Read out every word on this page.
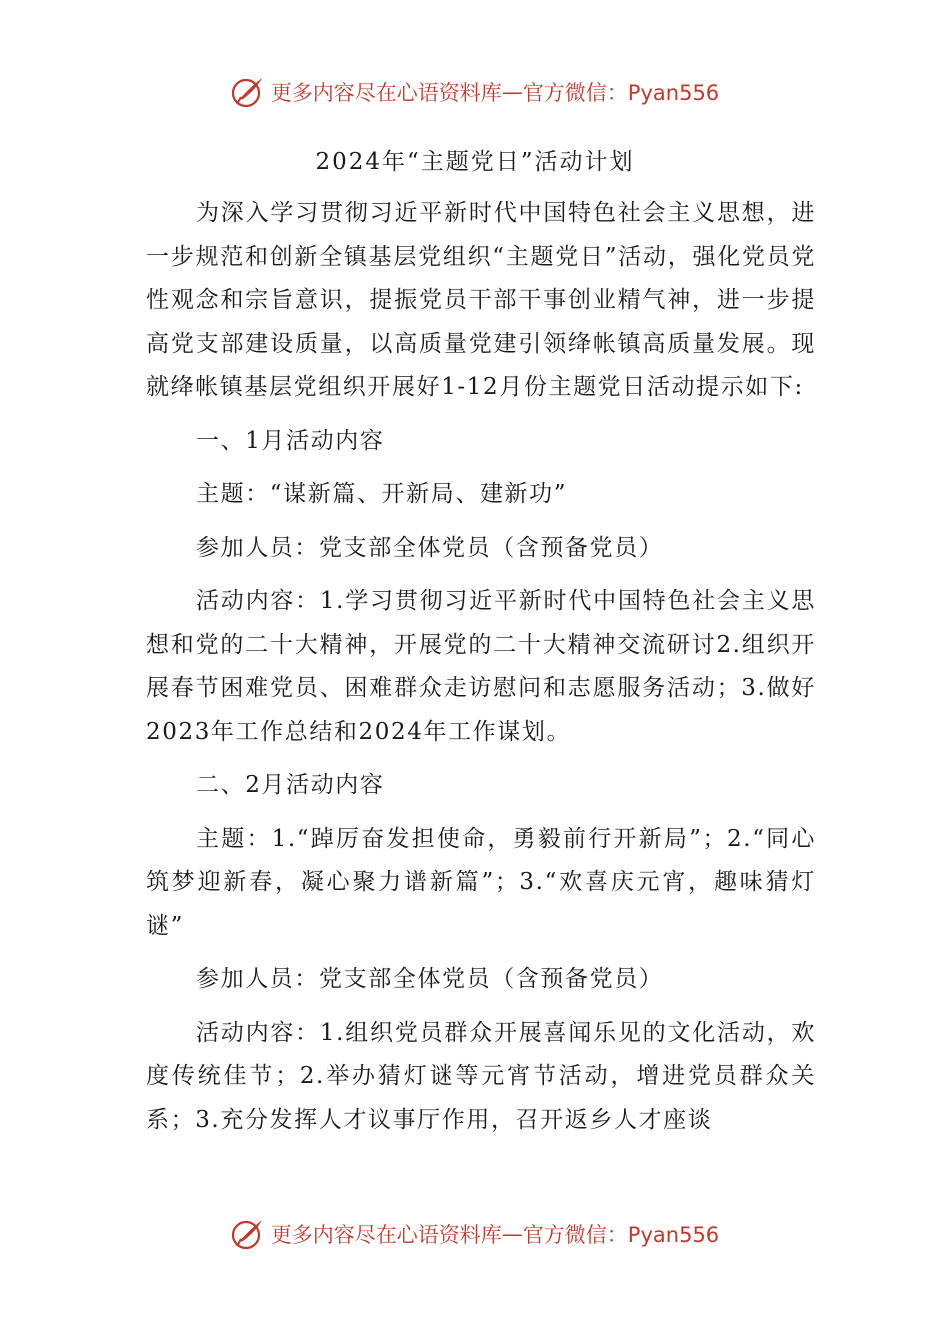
更多内容尽在心语资料库 — 官方微信：Pyan556
2024年“主题党日”活动计划

为深入学习贯彻习近平新时代中国特色社会主义思想，进一步规范和创新全镇基层党组织“主题党日”活动，强化党员党性观念和宗旨意识，提振党员干部干事创业精气神，进一步提高党支部建设质量，以高质量党建引领绛帐镇高质量发展。现就绛帐镇基层党组织开展好1-12月份主题党日活动提示如下:

一、1月活动内容

主题：“谋新篇、开新局、建新功”

参加人员：党支部全体党员（含预备党员）

活动内容：1.学习贯彻习近平新时代中国特色社会主义思想和党的二十大精神，开展党的二十大精神交流研讨2.组织开展春节困难党员、困难群众走访慰问和志愿服务活动；3.做好2023年工作总结和2024年工作谋划。

二、2月活动内容

主题：1.“踔厉奋发担使命，勇毅前行开新局”；2.“同心筑梦迎新春，凝心聚力谱新篇”；3.“欢喜庆元宵，趣味猜灯谜”

参加人员：党支部全体党员（含预备党员）

活动内容：1.组织党员群众开展喜闻乐见的文化活动，欢度传统佳节；2.举办猜灯谜等元宵节活动，增进党员群众关系；3.充分发挥人才议事厅作用，召开返乡人才座谈

更多内容尽在心语资料库 — 官方微信：Pyan556
